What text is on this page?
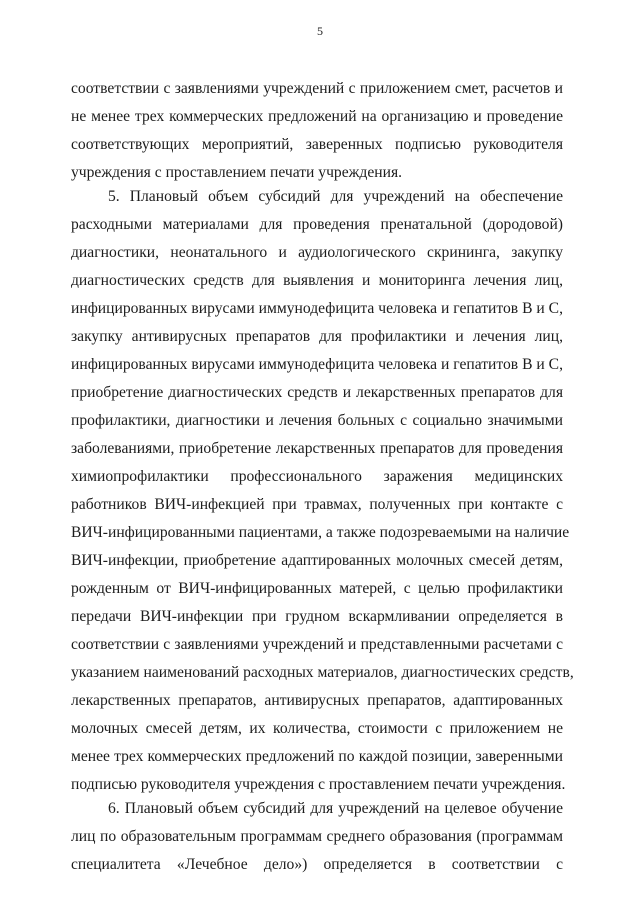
5
соответствии с заявлениями учреждений с приложением смет, расчетов и
не менее трех коммерческих предложений на организацию и проведение
соответствующих мероприятий, заверенных подписью руководителя
учреждения с проставлением печати учреждения.
5. Плановый объем субсидий для учреждений на обеспечение
расходными материалами для проведения пренатальной (дородовой)
диагностики, неонатального и аудиологического скрининга, закупку
диагностических средств для выявления и мониторинга лечения лиц,
инфицированных вирусами иммунодефицита человека и гепатитов В и С,
закупку антивирусных препаратов для профилактики и лечения лиц,
инфицированных вирусами иммунодефицита человека и гепатитов В и С,
приобретение диагностических средств и лекарственных препаратов для
профилактики, диагностики и лечения больных с социально значимыми
заболеваниями, приобретение лекарственных препаратов для проведения
химиопрофилактики профессионального заражения медицинских
работников ВИЧ-инфекцией при травмах, полученных при контакте с
ВИЧ-инфицированными пациентами, а также подозреваемыми на наличие
ВИЧ-инфекции, приобретение адаптированных молочных смесей детям,
рожденным от ВИЧ-инфицированных матерей, с целью профилактики
передачи ВИЧ-инфекции при грудном вскармливании определяется в
соответствии с заявлениями учреждений и представленными расчетами с
указанием наименований расходных материалов, диагностических средств,
лекарственных препаратов, антивирусных препаратов, адаптированных
молочных смесей детям, их количества, стоимости с приложением не
менее трех коммерческих предложений по каждой позиции, заверенными
подписью руководителя учреждения с проставлением печати учреждения.
6. Плановый объем субсидий для учреждений на целевое обучение
лиц по образовательным программам среднего образования (программам
специалитета «Лечебное дело») определяется в соответствии с
